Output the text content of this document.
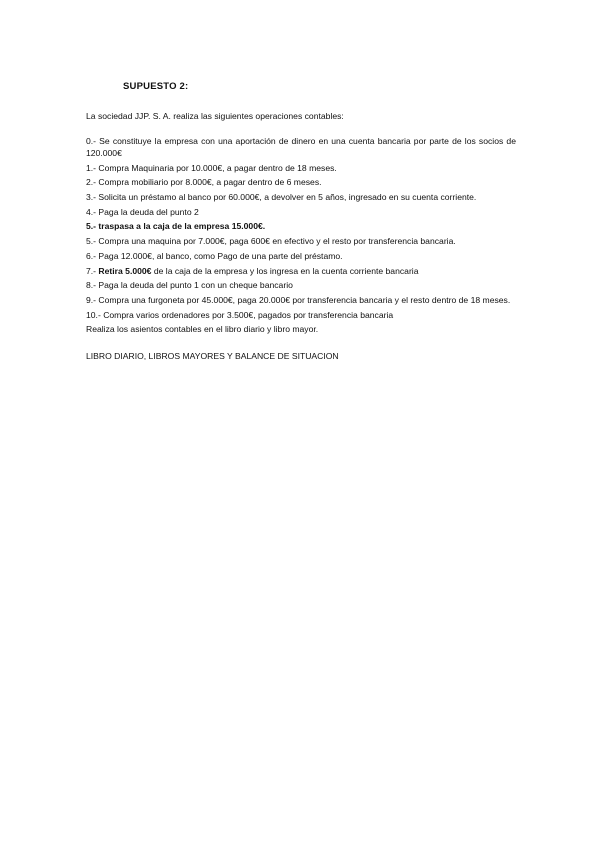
SUPUESTO 2:

La sociedad JJP. S. A. realiza las siguientes operaciones contables:

0.- Se constituye la empresa con una aportación de dinero en una cuenta bancaria por parte de los socios de 120.000€

1.- Compra Maquinaria por 10.000€, a pagar dentro de 18 meses.

2.- Compra mobiliario por 8.000€, a pagar dentro de 6 meses.

3.- Solicita un préstamo al banco por 60.000€, a devolver en 5 años, ingresado en su cuenta corriente.

4.- Paga la deuda del punto 2

5.- traspasa a la caja de la empresa 15.000€.

5.- Compra una maquina por 7.000€, paga 600€ en efectivo y el resto por transferencia bancaria.

6.- Paga 12.000€, al banco, como Pago de una parte del préstamo.

7.- Retira 5.000€ de la caja de la empresa y los ingresa en la cuenta corriente bancaria

8.- Paga la deuda del punto 1 con un cheque bancario

9.- Compra una furgoneta por 45.000€, paga 20.000€ por transferencia bancaria y el resto dentro de 18 meses.

10.- Compra varios ordenadores por 3.500€, pagados por transferencia bancaria

Realiza los asientos contables en el libro diario y libro mayor.

LIBRO DIARIO, LIBROS MAYORES Y BALANCE DE SITUACION
